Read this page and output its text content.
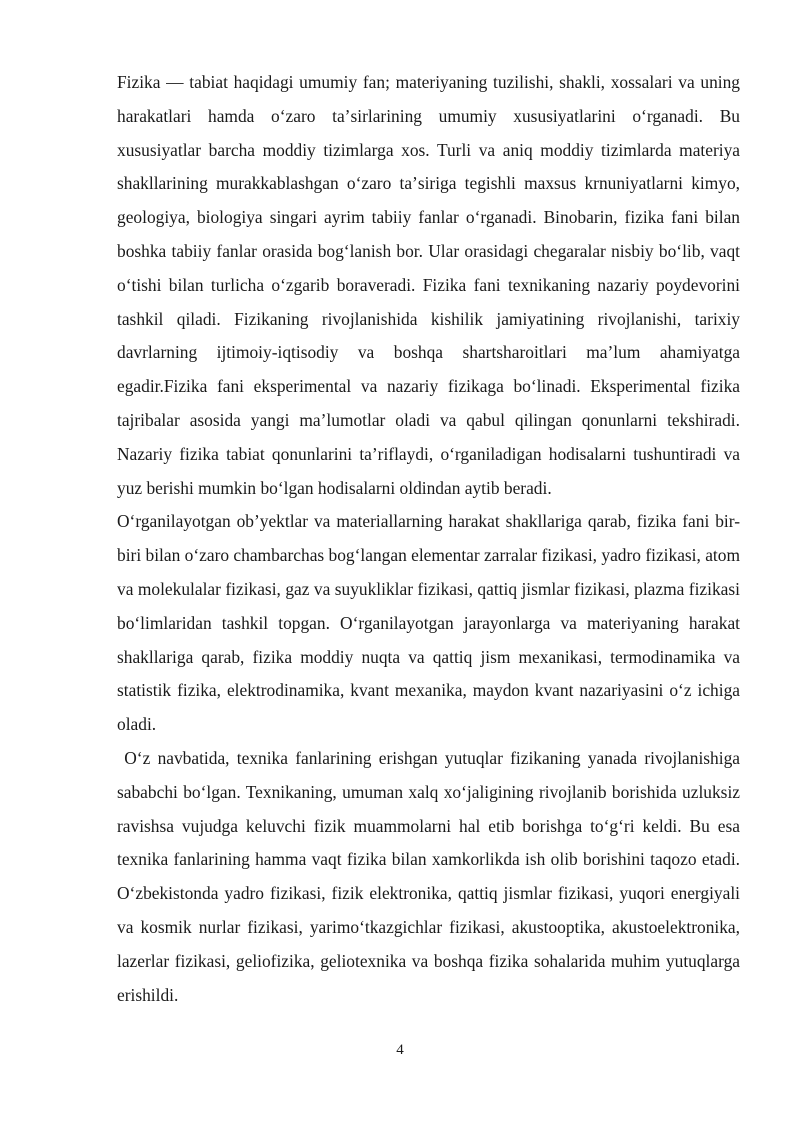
Fizika — tabiat haqidagi umumiy fan; materiyaning tuzilishi, shakli, xossalari va uning harakatlari hamda oʻzaro taʼsirlarining umumiy xususiyatlarini oʻrganadi. Bu xususiyatlar barcha moddiy tizimlarga xos. Turli va aniq moddiy tizimlarda materiya shakllarining murakkablashgan oʻzaro taʼsiriga tegishli maxsus krnuniyatlarni kimyo, geologiya, biologiya singari ayrim tabiiy fanlar oʻrganadi. Binobarin, fizika fani bilan boshka tabiiy fanlar orasida bogʻlanish bor. Ular orasidagi chegaralar nisbiy boʻlib, vaqt oʻtishi bilan turlicha oʻzgarib boraveradi. Fizika fani texnikaning nazariy poydevorini tashkil qiladi. Fizikaning rivojlanishida kishilik jamiyatining rivojlanishi, tarixiy davrlarning ijtimoiy-iqtisodiy va boshqa shartsharoitlari maʼlum ahamiyatga egadir.Fizika fani eksperimental va nazariy fizikaga boʻlinadi. Eksperimental fizika tajribalar asosida yangi maʼlumotlar oladi va qabul qilingan qonunlarni tekshiradi. Nazariy fizika tabiat qonunlarini taʼriflaydi, oʻrganiladigan hodisalarni tushuntiradi va yuz berishi mumkin boʻlgan hodisalarni oldindan aytib beradi.

Oʻrganilayotgan obʼyektlar va materiallarning harakat shakllariga qarab, fizika fani bir-biri bilan oʻzaro chambarchas bogʻlangan elementar zarralar fizikasi, yadro fizikasi, atom va molekulalar fizikasi, gaz va suyukliklar fizikasi, qattiq jismlar fizikasi, plazma fizikasi boʻlimlaridan tashkil topgan. Oʻrganilayotgan jarayonlarga va materiyaning harakat shakllariga qarab, fizika moddiy nuqta va qattiq jism mexanikasi, termodinamika va statistik fizika, elektrodinamika, kvant mexanika, maydon kvant nazariyasini oʻz ichiga oladi.

Oʻz navbatida, texnika fanlarining erishgan yutuqlar fizikaning yanada rivojlanishiga sababchi boʻlgan. Texnikaning, umuman xalq xoʻjaligining rivojlanib borishida uzluksiz ravishsa vujudga keluvchi fizik muammolarni hal etib borishga toʻgʻri keldi. Bu esa texnika fanlarining hamma vaqt fizika bilan xamkorlikda ish olib borishini taqozo etadi. Oʻzbekistonda yadro fizikasi, fizik elektronika, qattiq jismlar fizikasi, yuqori energiyali va kosmik nurlar fizikasi, yarimoʻtkazgichlar fizikasi, akustooptika, akustoelektronika, lazerlar fizikasi, geliofizika, geliotexnika va boshqa fizika sohalarida muhim yutuqlarga erishildi.

4
